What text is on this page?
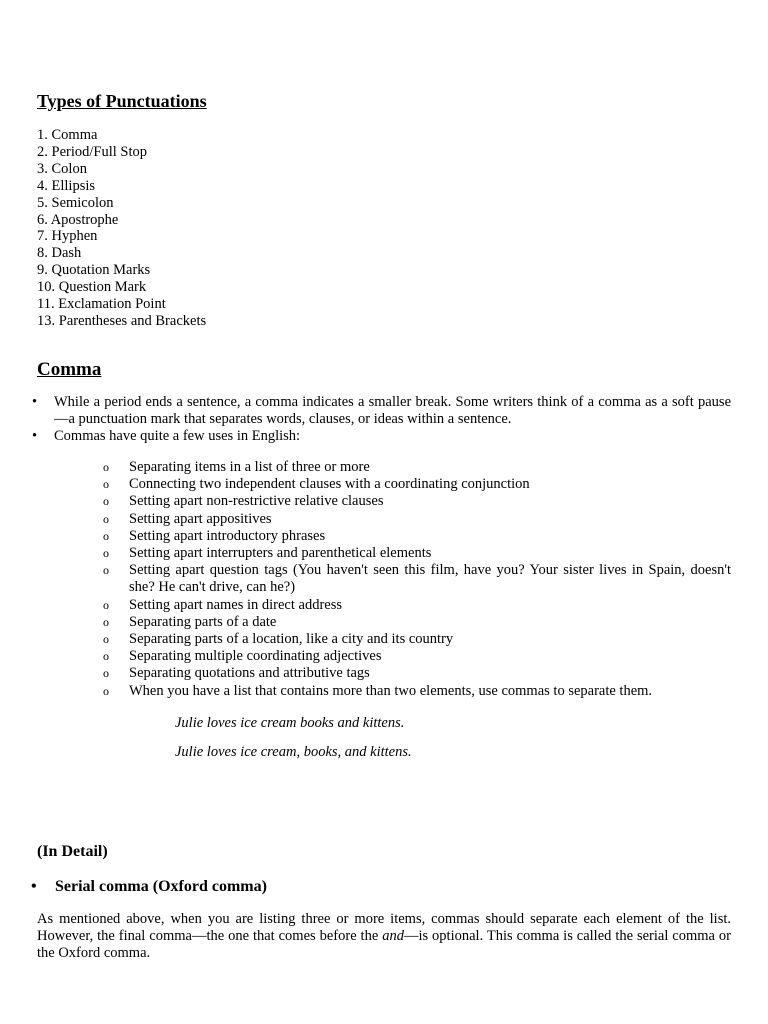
Types of Punctuations
1. Comma
2. Period/Full Stop
3. Colon
4. Ellipsis
5. Semicolon
6. Apostrophe
7. Hyphen
8. Dash
9. Quotation Marks
10. Question Mark
11. Exclamation Point
13. Parentheses and Brackets
Comma
• While a period ends a sentence, a comma indicates a smaller break. Some writers think of a comma as a soft pause—a punctuation mark that separates words, clauses, or ideas within a sentence.
• Commas have quite a few uses in English:
o Separating items in a list of three or more
o Connecting two independent clauses with a coordinating conjunction
o Setting apart non-restrictive relative clauses
o Setting apart appositives
o Setting apart introductory phrases
o Setting apart interrupters and parenthetical elements
o Setting apart question tags (You haven't seen this film, have you? Your sister lives in Spain, doesn't she? He can't drive, can he?)
o Setting apart names in direct address
o Separating parts of a date
o Separating parts of a location, like a city and its country
o Separating multiple coordinating adjectives
o Separating quotations and attributive tags
o When you have a list that contains more than two elements, use commas to separate them.
Julie loves ice cream books and kittens.
Julie loves ice cream, books, and kittens.
(In Detail)
• Serial comma (Oxford comma)
As mentioned above, when you are listing three or more items, commas should separate each element of the list. However, the final comma—the one that comes before the and—is optional. This comma is called the serial comma or the Oxford comma.
